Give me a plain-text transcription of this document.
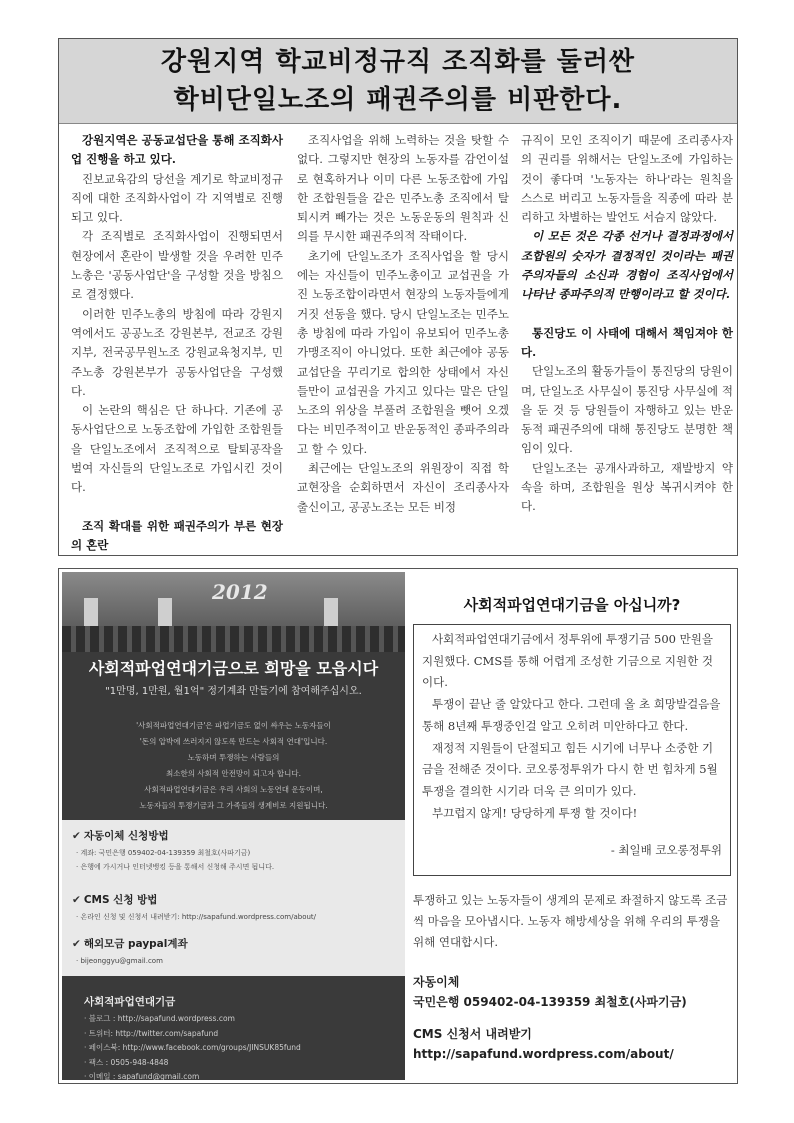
강원지역 학교비정규직 조직화를 둘러싼
학비단일노조의 패권주의를 비판한다.

강원지역은 공동교섭단을 통해 조직화사업 진행을 하고 있다.

진보교육감의 당선을 계기로 학교비정규직에 대한 조직화사업이 각 지역별로 진행되고 있다.

각 조직별로 조직화사업이 진행되면서 현장에서 혼란이 발생할 것을 우려한 민주노총은 '공동사업단'을 구성할 것을 방침으로 결정했다.

이러한 민주노총의 방침에 따라 강원지역에서도 공공노조 강원본부, 전교조 강원지부, 전국공무원노조 강원교육청지부, 민주노총 강원본부가 공동사업단을 구성했다.

이 논란의 핵심은 단 하나다. 기존에 공동사업단으로 노동조합에 가입한 조합원들을 단일노조에서 조직적으로 탈퇴공작을 벌여 자신들의 단일노조로 가입시킨 것이다.

조직 확대를 위한 패권주의가 부른 현장의 혼란

조직사업을 위해 노력하는 것을 탓할 수 없다. 그렇지만 현장의 노동자를 감언이설로 현혹하거나 이미 다른 노동조합에 가입한 조합원들을 같은 민주노총 조직에서 탈퇴시켜 빼가는 것은 노동운동의 원칙과 신의를 무시한 패권주의적 작태이다.

초기에 단일노조가 조직사업을 할 당시에는 자신들이 민주노총이고 교섭권을 가진 노동조합이라면서 현장의 노동자들에게 거짓 선동을 했다. 당시 단일노조는 민주노총 방침에 따라 가입이 유보되어 민주노총 가맹조직이 아니었다. 또한 최근에야 공동교섭단을 꾸리기로 합의한 상태에서 자신들만이 교섭권을 가지고 있다는 말은 단일노조의 위상을 부풀려 조합원을 뺏어 오겠다는 비민주적이고 반운동적인 종파주의라고 할 수 있다.

최근에는 단일노조의 위원장이 직접 학교현장을 순회하면서 자신이 조리종사자 출신이고, 공공노조는 모든 비정

규직이 모인 조직이기 때문에 조리종사자의 권리를 위해서는 단일노조에 가입하는 것이 좋다며 '노동자는 하나'라는 원칙을 스스로 버리고 노동자들을 직종에 따라 분리하고 차별하는 발언도 서슴지 않았다.

이 모든 것은 각종 선거나 결정과정에서 조합원의 숫자가 결정적인 것이라는 패권주의자들의 소신과 경험이 조직사업에서 나타난 종파주의적 만행이라고 할 것이다.

통진당도 이 사태에 대해서 책임져야 한다.

단일노조의 활동가들이 통진당의 당원이며, 단일노조 사무실이 통진당 사무실에 적을 둔 것 등 당원들이 자행하고 있는 반운동적 패권주의에 대해 통진당도 분명한 책임이 있다.

단일노조는 공개사과하고, 재발방지 약속을 하며, 조합원을 원상 복귀시켜야 한다.

2012
사회적파업연대기금으로 희망을 모읍시다
"1만명, 1만원, 월1억" 정기계좌 만들기에 참여해주십시오.
'사회적파업연대기금'은 파업기금도 없이 싸우는 노동자들이
'돈의 압박에 쓰러지지 않도록 만드는 사회적 연대'입니다.
노동하며 투쟁하는 사람들의
최소한의 사회적 안전망이 되고자 합니다.
사회적파업연대기금은 우리 사회의 노동연대 운동이며,
노동자들의 투쟁기금과 그 가족들의 생계비로 지원됩니다.
✔ 자동이체 신청방법
· 계좌: 국민은행 059402-04-139359 최철호(사파기금)
· 은행에 가시거나 인터넷뱅킹 등을 통해서 신청해 주시면 됩니다.
✔ CMS 신청 방법
· 온라인 신청 및 신청서 내려받기: http://sapafund.wordpress.com/about/
✔ 해외모금 paypal계좌
· bijeonggyu@gmail.com
사회적파업연대기금
· 블로그 : http://sapafund.wordpress.com
· 트위터: http://twitter.com/sapafund
· 페이스북: http://www.facebook.com/groups/JINSUK85fund
· 팩스 : 0505-948-4848
· 이메일 : sapafund@gmail.com
사회적파업연대기금을 아십니까?

사회적파업연대기금에서 정투위에 투쟁기금 500 만원을 지원했다. CMS를 통해 어렵게 조성한 기금으로 지원한 것이다.

투쟁이 끝난 줄 알았다고 한다. 그런데 올 초 희망발걸음을 통해 8년째 투쟁중인걸 알고 오히려 미안하다고 한다.

재정적 지원들이 단절되고 힘든 시기에 너무나 소중한 기금을 전해준 것이다. 코오롱정투위가 다시 한 번 힘차게 5월 투쟁을 결의한 시기라 더욱 큰 의미가 있다.

부끄럽지 않게! 당당하게 투쟁 할 것이다!

- 최일배 코오롱정투위

투쟁하고 있는 노동자들이 생계의 문제로 좌절하지 않도록 조금씩 마음을 모아냅시다. 노동자 해방세상을 위해 우리의 투쟁을 위해 연대합시다.

자동이체
국민은행 059402-04-139359 최철호(사파기금)
CMS 신청서 내려받기
http://sapafund.wordpress.com/about/
